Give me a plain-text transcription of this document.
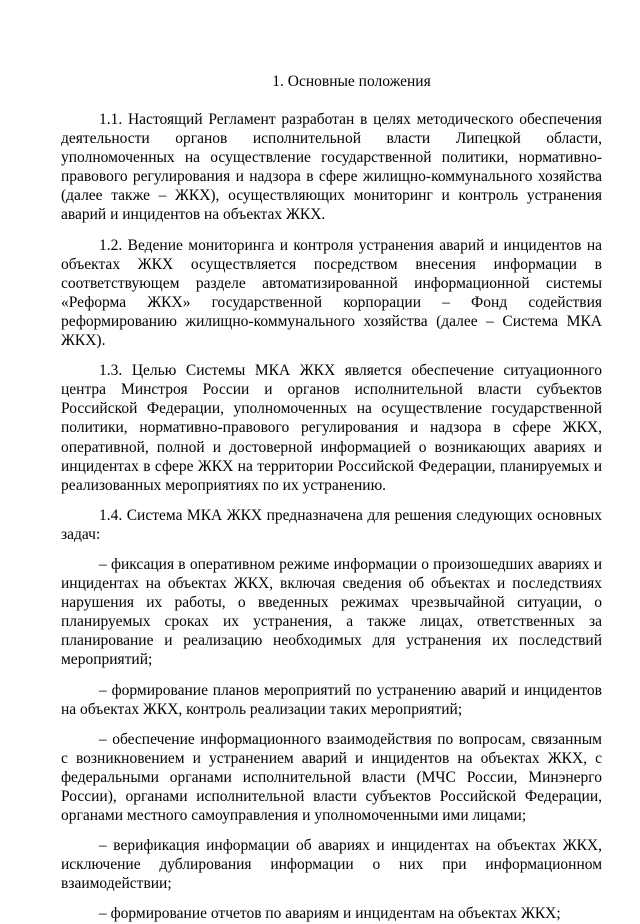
1. Основные положения

1.1. Настоящий Регламент разработан в целях методического обеспечения деятельности органов исполнительной власти Липецкой области, уполномоченных на осуществление государственной политики, нормативно-правового регулирования и надзора в сфере жилищно-коммунального хозяйства (далее также – ЖКХ), осуществляющих мониторинг и контроль устранения аварий и инцидентов на объектах ЖКХ.

1.2. Ведение мониторинга и контроля устранения аварий и инцидентов на объектах ЖКХ осуществляется посредством внесения информации в соответствующем разделе автоматизированной информационной системы «Реформа ЖКХ» государственной корпорации – Фонд содействия реформированию жилищно-коммунального хозяйства (далее – Система МКА ЖКХ).

1.3. Целью Системы МКА ЖКХ является обеспечение ситуационного центра Минстроя России и органов исполнительной власти субъектов Российской Федерации, уполномоченных на осуществление государственной политики, нормативно-правового регулирования и надзора в сфере ЖКХ, оперативной, полной и достоверной информацией о возникающих авариях и инцидентах в сфере ЖКХ на территории Российской Федерации, планируемых и реализованных мероприятиях по их устранению.

1.4. Система МКА ЖКХ предназначена для решения следующих основных задач:

– фиксация в оперативном режиме информации о произошедших авариях и инцидентах на объектах ЖКХ, включая сведения об объектах и последствиях нарушения их работы, о введенных режимах чрезвычайной ситуации, о планируемых сроках их устранения, а также лицах, ответственных за планирование и реализацию необходимых для устранения их последствий мероприятий;

– формирование планов мероприятий по устранению аварий и инцидентов на объектах ЖКХ, контроль реализации таких мероприятий;

– обеспечение информационного взаимодействия по вопросам, связанным с возникновением и устранением аварий и инцидентов на объектах ЖКХ, с федеральными органами исполнительной власти (МЧС России, Минэнерго России), органами исполнительной власти субъектов Российской Федерации, органами местного самоуправления и уполномоченными ими лицами;

– верификация информации об авариях и инцидентах на объектах ЖКХ, исключение дублирования информации о них при информационном взаимодействии;

– формирование отчетов по авариям и инцидентам на объектах ЖКХ;
